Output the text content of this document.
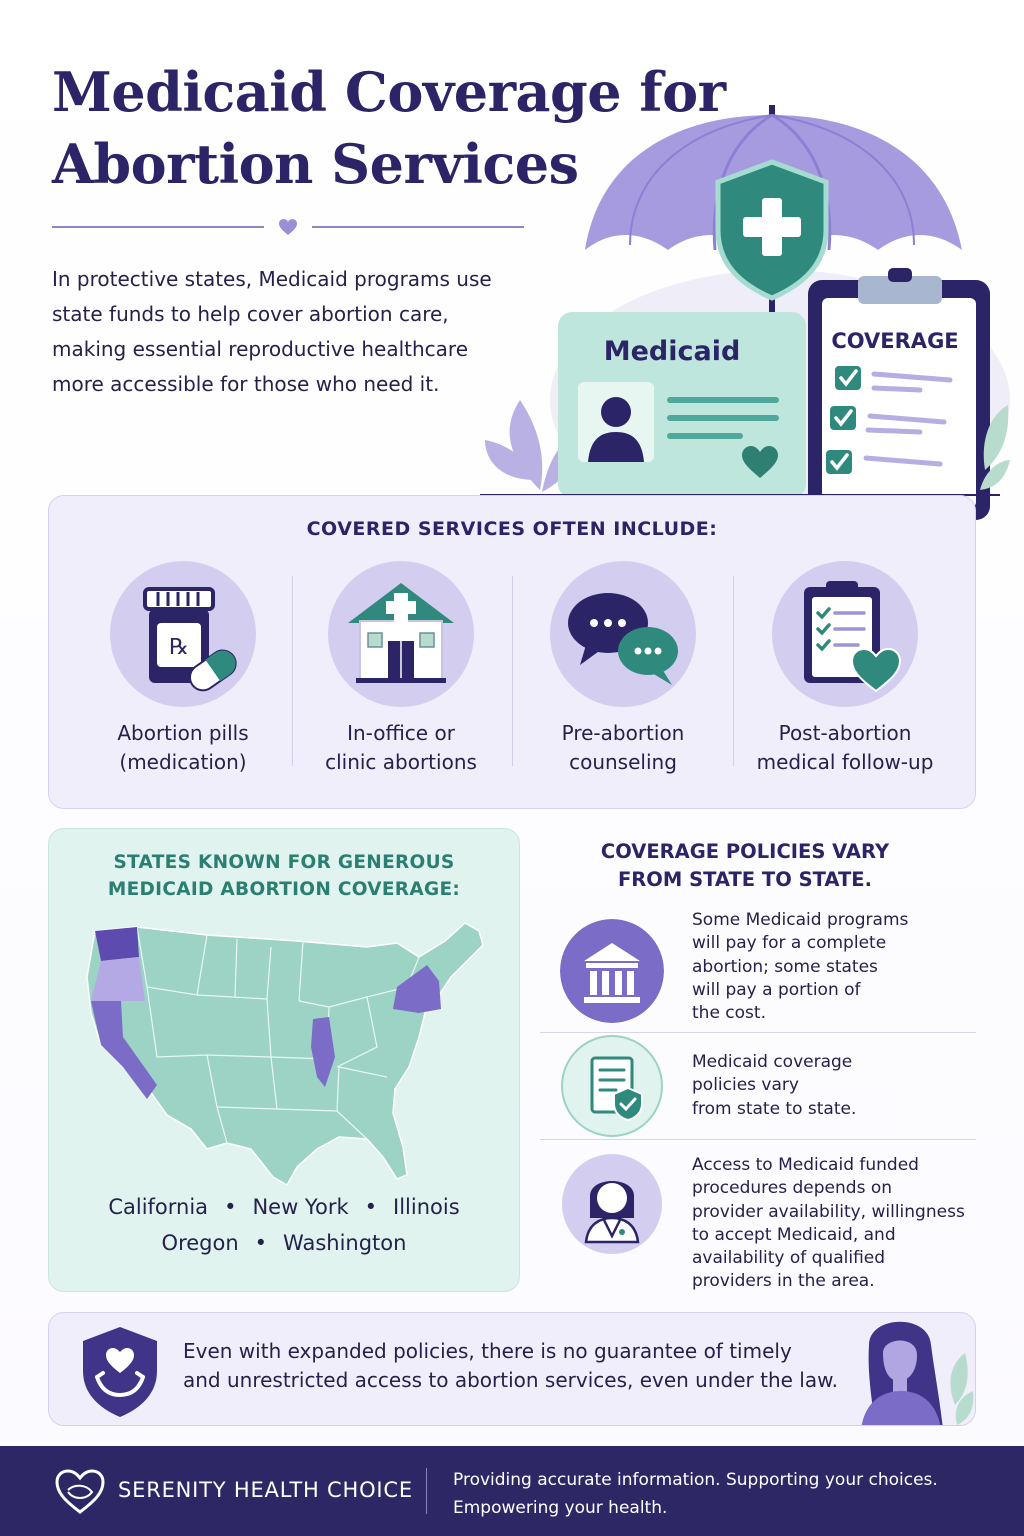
Medicaid Coverage for Abortion Services

In protective states, Medicaid programs use state funds to help cover abortion care, making essential reproductive healthcare more accessible for those who need it.

COVERAGE
Medicaid
COVERED SERVICES OFTEN INCLUDE:
℞
Abortion pills
(medication)
In-office or
clinic abortions
Pre-abortion
counseling
Post-abortion
medical follow-up
STATES KNOWN FOR GENEROUS
MEDICAID ABORTION COVERAGE:
California • New York • Illinois
Oregon • Washington
COVERAGE POLICIES VARY
FROM STATE TO STATE.
Some Medicaid programs
will pay for a complete
abortion; some states
will pay a portion of
the cost.
Medicaid coverage
policies vary
from state to state.
Access to Medicaid funded
procedures depends on
provider availability, willingness
to accept Medicaid, and
availability of qualified
providers in the area.
Even with expanded policies, there is no guarantee of timely
and unrestricted access to abortion services, even under the law.
SERENITY HEALTH CHOICE Providing accurate information. Supporting your choices.
Empowering your health.
